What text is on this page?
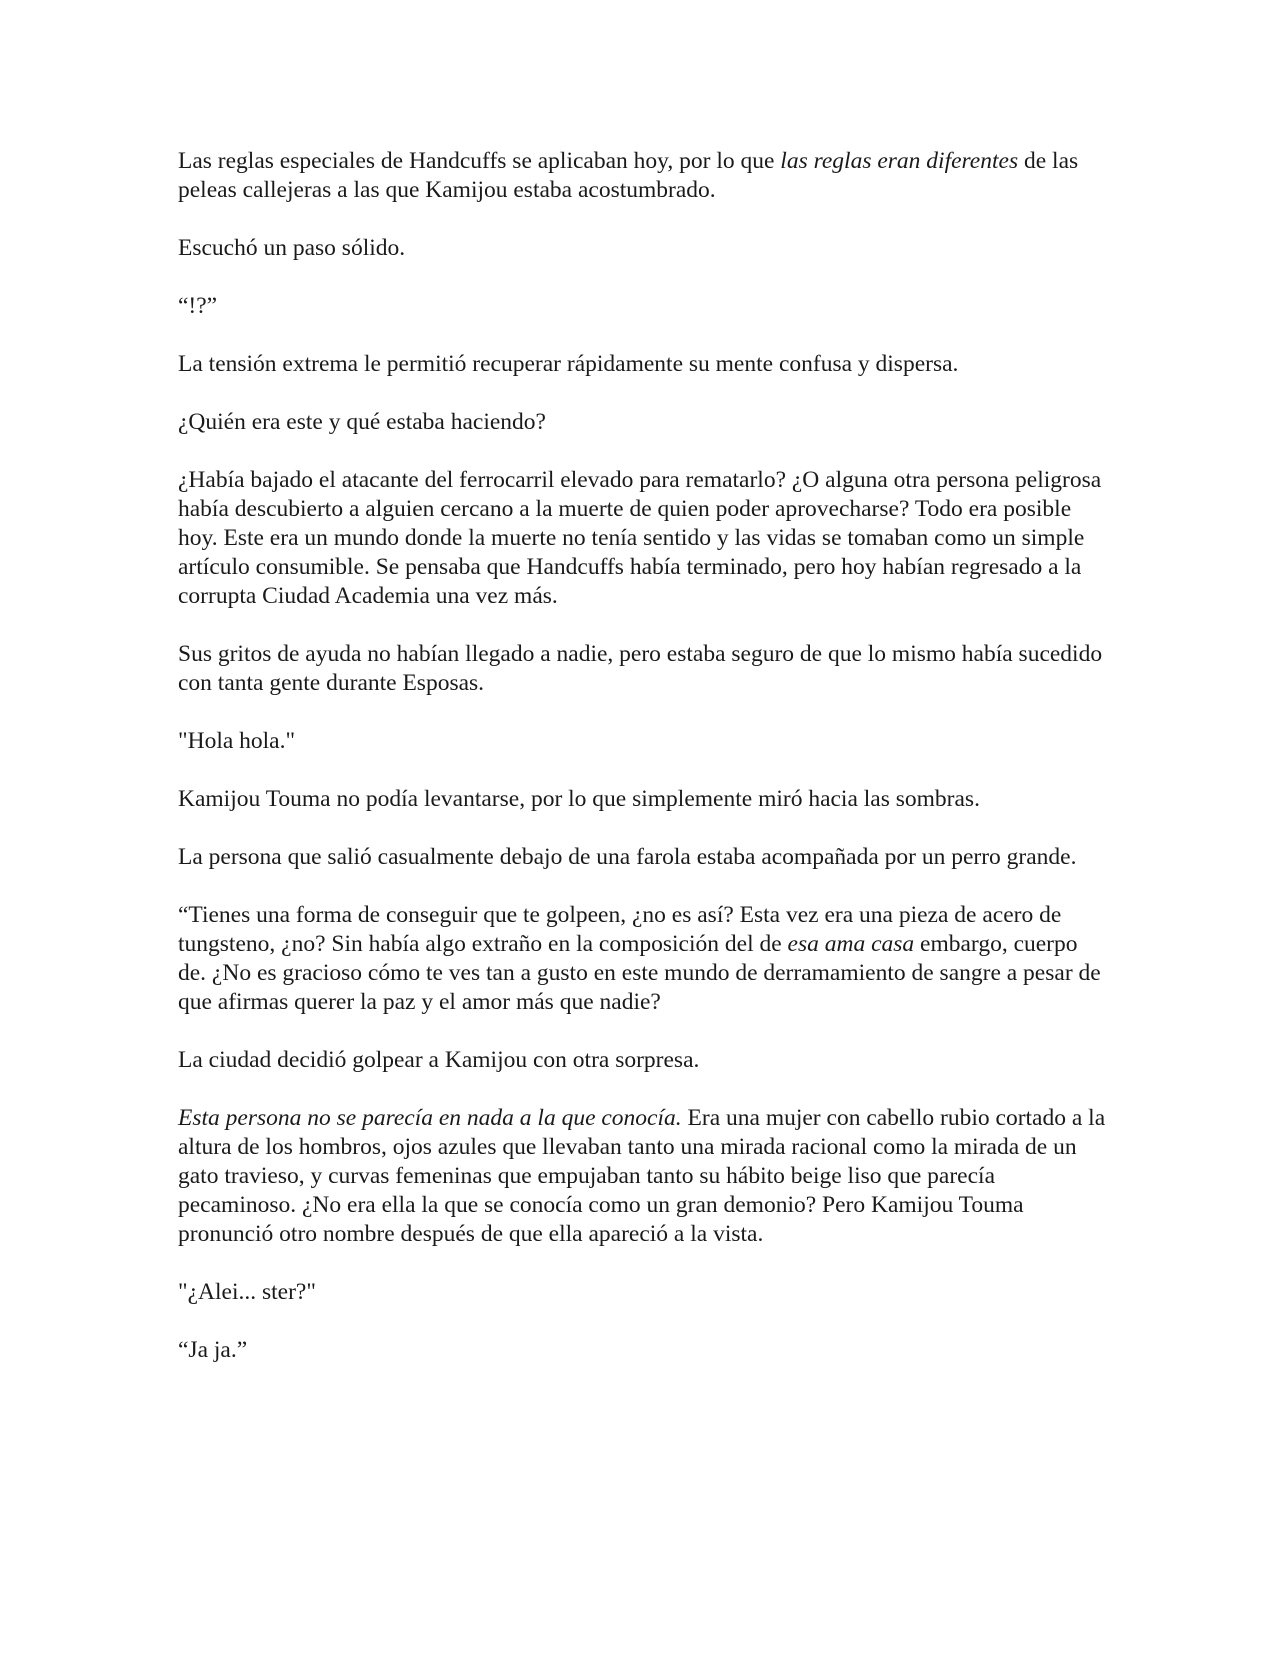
Las reglas especiales de Handcuffs se aplicaban hoy, por lo que las reglas eran diferentes de las peleas callejeras a las que Kamijou estaba acostumbrado.

Escuchó un paso sólido.

“!?”

La tensión extrema le permitió recuperar rápidamente su mente confusa y dispersa.

¿Quién era este y qué estaba haciendo?

¿Había bajado el atacante del ferrocarril elevado para rematarlo? ¿O alguna otra persona peligrosa había descubierto a alguien cercano a la muerte de quien poder aprovecharse? Todo era posible hoy. Este era un mundo donde la muerte no tenía sentido y las vidas se tomaban como un simple artículo consumible. Se pensaba que Handcuffs había terminado, pero hoy habían regresado a la corrupta Ciudad Academia una vez más.

Sus gritos de ayuda no habían llegado a nadie, pero estaba seguro de que lo mismo había sucedido con tanta gente durante Esposas.

"Hola hola."

Kamijou Touma no podía levantarse, por lo que simplemente miró hacia las sombras.

La persona que salió casualmente debajo de una farola estaba acompañada por un perro grande.

“Tienes una forma de conseguir que te golpeen, ¿no es así? Esta vez era una pieza de acero de tungsteno, ¿no? Sin había algo extraño en la composición del de esa ama casa embargo, cuerpo de. ¿No es gracioso cómo te ves tan a gusto en este mundo de derramamiento de sangre a pesar de que afirmas querer la paz y el amor más que nadie?

La ciudad decidió golpear a Kamijou con otra sorpresa.

Esta persona no se parecía en nada a la que conocía. Era una mujer con cabello rubio cortado a la altura de los hombros, ojos azules que llevaban tanto una mirada racional como la mirada de un gato travieso, y curvas femeninas que empujaban tanto su hábito beige liso que parecía pecaminoso. ¿No era ella la que se conocía como un gran demonio? Pero Kamijou Touma pronunció otro nombre después de que ella apareció a la vista.

"¿Alei... ster?"

“Ja ja.”
